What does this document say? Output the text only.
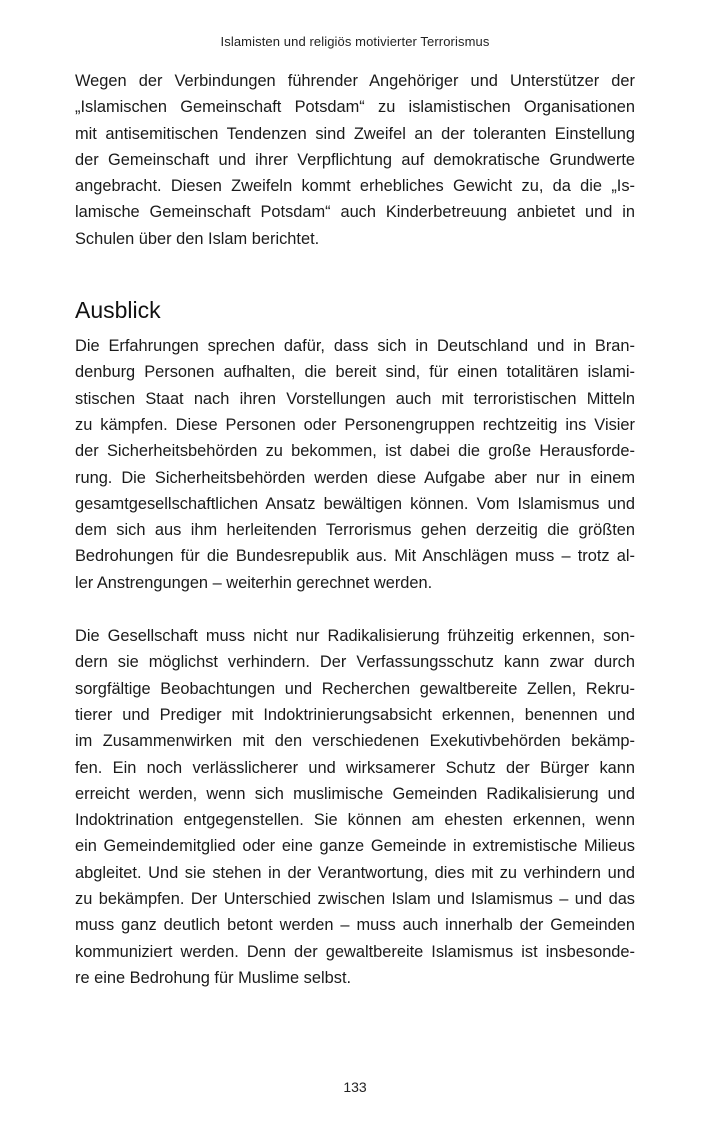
Islamisten und religiös motivierter Terrorismus

Wegen der Verbindungen führender Angehöriger und Unterstützer der
„Islamischen Gemeinschaft Potsdam“ zu islamistischen Organisationen
mit antisemitischen Tendenzen sind Zweifel an der toleranten Einstellung
der Gemeinschaft und ihrer Verpflichtung auf demokratische Grundwerte
angebracht. Diesen Zweifeln kommt erhebliches Gewicht zu, da die „Is-
lamische Gemeinschaft Potsdam“ auch Kinderbetreuung anbietet und in
Schulen über den Islam berichtet.

Ausblick

Die Erfahrungen sprechen dafür, dass sich in Deutschland und in Bran-
denburg Personen aufhalten, die bereit sind, für einen totalitären islami-
stischen Staat nach ihren Vorstellungen auch mit terroristischen Mitteln
zu kämpfen. Diese Personen oder Personengruppen rechtzeitig ins Visier
der Sicherheitsbehörden zu bekommen, ist dabei die große Herausforde-
rung. Die Sicherheitsbehörden werden diese Aufgabe aber nur in einem
gesamtgesellschaftlichen Ansatz bewältigen können. Vom Islamismus und
dem sich aus ihm herleitenden Terrorismus gehen derzeitig die größten
Bedrohungen für die Bundesrepublik aus. Mit Anschlägen muss – trotz al-
ler Anstrengungen – weiterhin gerechnet werden.

Die Gesellschaft muss nicht nur Radikalisierung frühzeitig erkennen, son-
dern sie möglichst verhindern. Der Verfassungsschutz kann zwar durch
sorgfältige Beobachtungen und Recherchen gewaltbereite Zellen, Rekru-
tierer und Prediger mit Indoktrinierungsabsicht erkennen, benennen und
im Zusammenwirken mit den verschiedenen Exekutivbehörden bekämp-
fen. Ein noch verlässlicherer und wirksamerer Schutz der Bürger kann
erreicht werden, wenn sich muslimische Gemeinden Radikalisierung und
Indoktrination entgegenstellen. Sie können am ehesten erkennen, wenn
ein Gemeindemitglied oder eine ganze Gemeinde in extremistische Milieus
abgleitet. Und sie stehen in der Verantwortung, dies mit zu verhindern und
zu bekämpfen. Der Unterschied zwischen Islam und Islamismus – und das
muss ganz deutlich betont werden – muss auch innerhalb der Gemeinden
kommuniziert werden. Denn der gewaltbereite Islamismus ist insbesonde-
re eine Bedrohung für Muslime selbst.

133
